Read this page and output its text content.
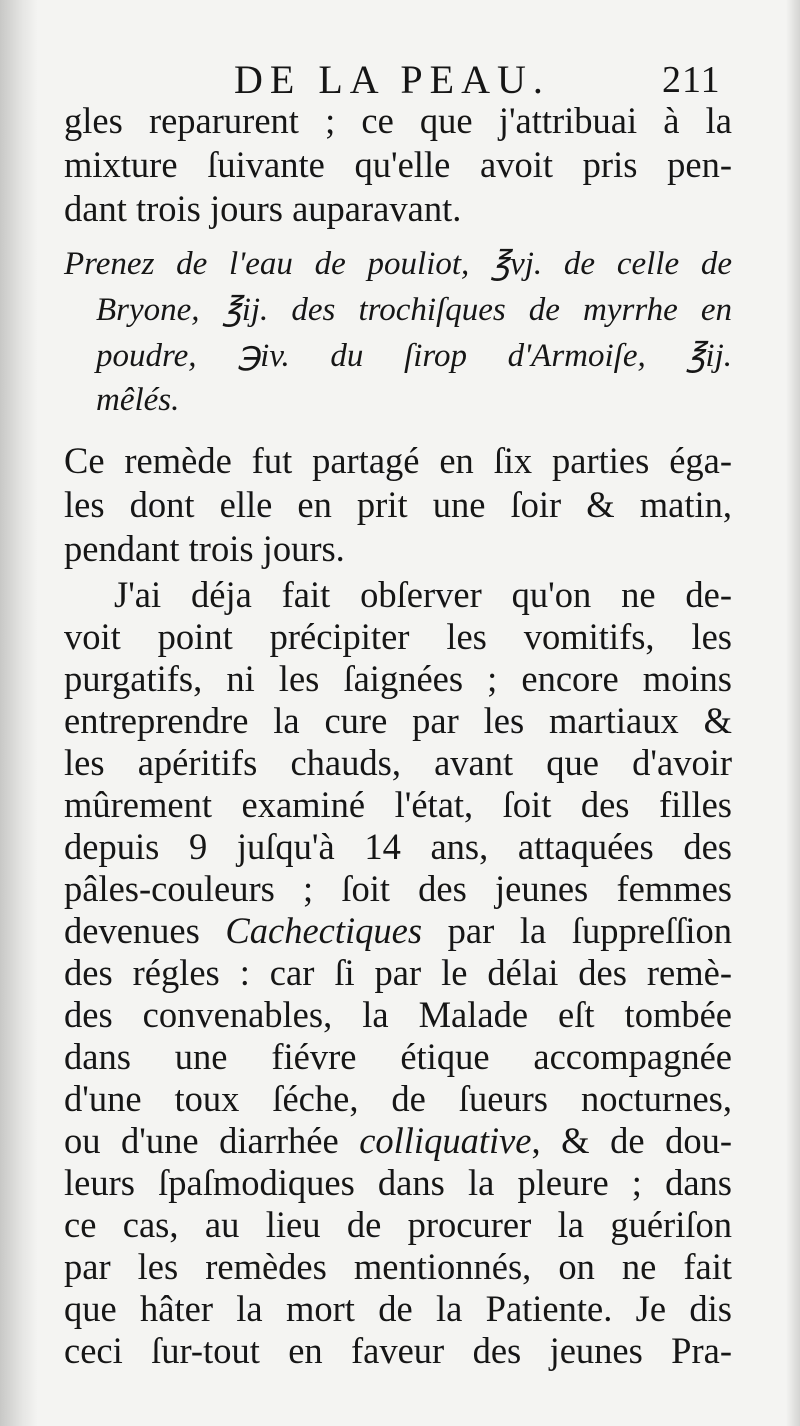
DE LA PEAU.	211
gles reparurent ; ce que j'attribuai à la
mixture ſuivante qu'elle avoit pris pen-
dant trois jours auparavant.
Prenez de l'eau de pouliot, ℥vj. de celle de
Bryone, ℥ij. des trochiſques de myrrhe en
poudre, ℈iv. du ſirop d'Armoiſe, ℥ij.
mêlés.
Ce remède fut partagé en ſix parties éga-
les dont elle en prit une ſoir & matin,
pendant trois jours.
J'ai déja fait obſerver qu'on ne de-
voit point précipiter les vomitifs, les
purgatifs, ni les ſaignées ; encore moins
entreprendre la cure par les martiaux &
les apéritifs chauds, avant que d'avoir
mûrement examiné l'état, ſoit des filles
depuis 9 juſqu'à 14 ans, attaquées des
pâles-couleurs ; ſoit des jeunes femmes
devenues Cachectiques par la ſuppreſſion
des régles : car ſi par le délai des remè-
des convenables, la Malade eſt tombée
dans une fiévre étique accompagnée
d'une toux ſéche, de ſueurs nocturnes,
ou d'une diarrhée colliquative, & de dou-
leurs ſpaſmodiques dans la pleure ; dans
ce cas, au lieu de procurer la guériſon
par les remèdes mentionnés, on ne fait
que hâter la mort de la Patiente. Je dis
ceci ſur-tout en faveur des jeunes Pra-
